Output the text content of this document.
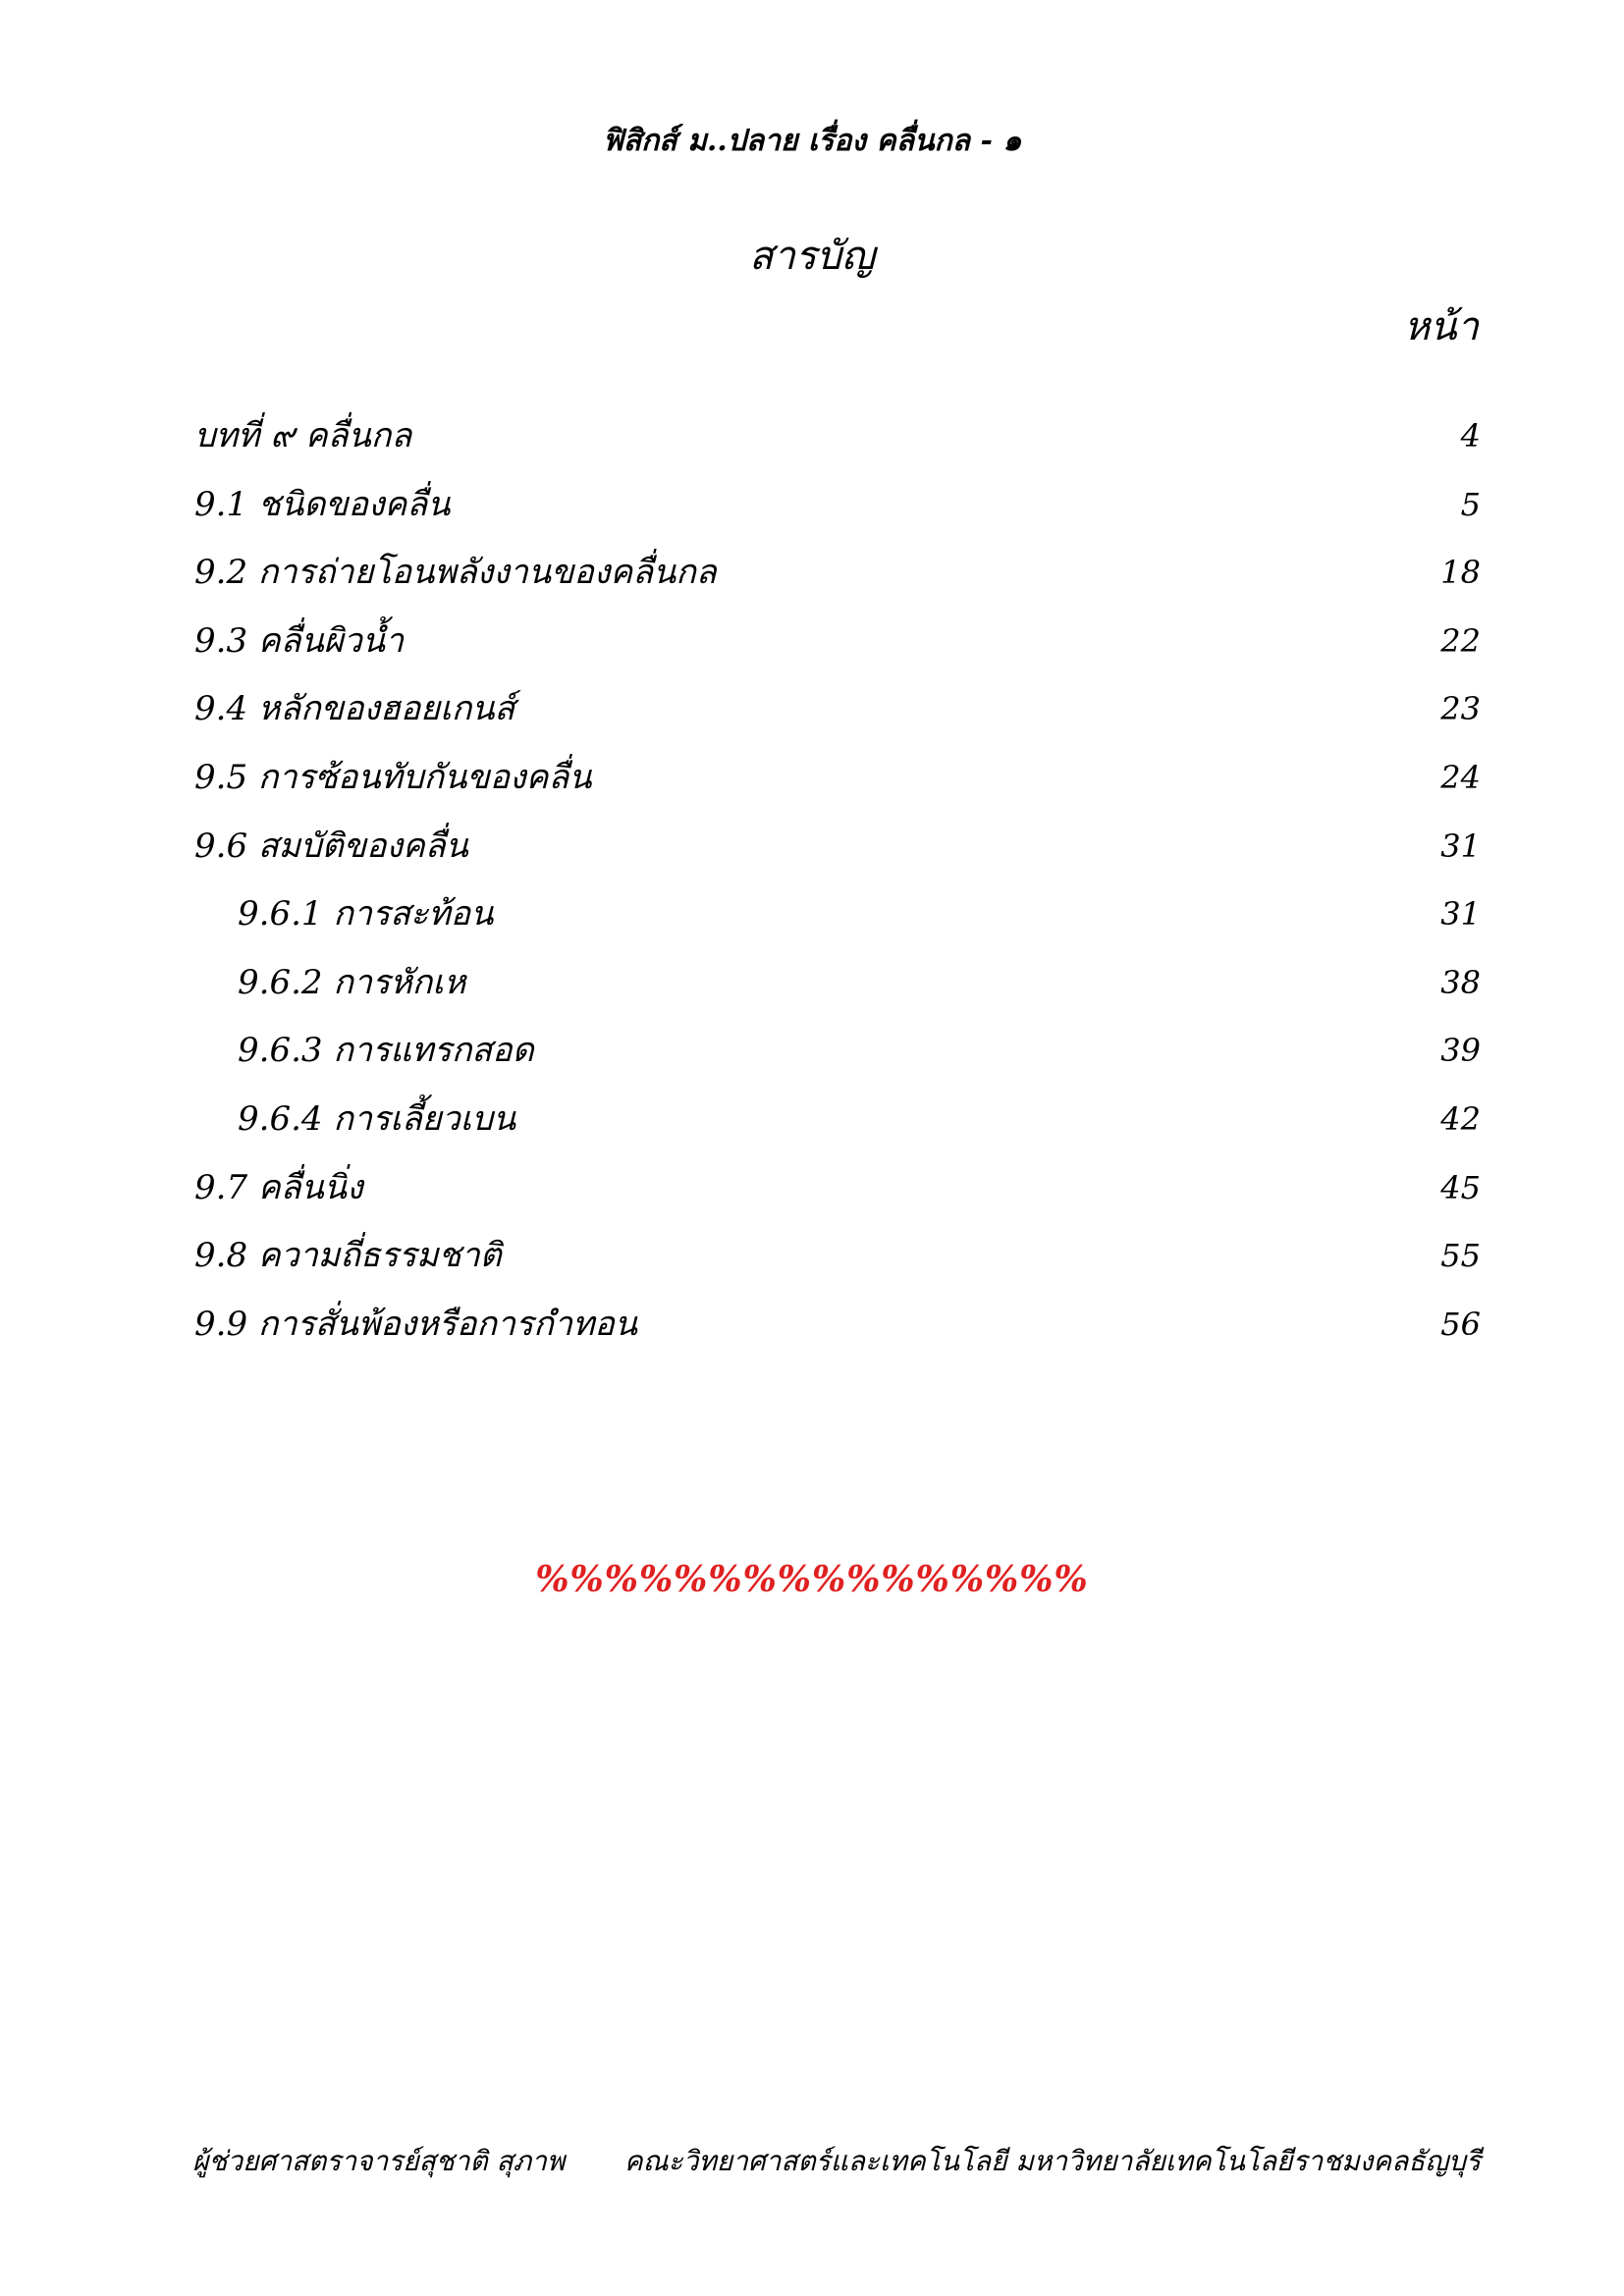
ฟิสิกส์ ม..ปลาย เรื่อง คลื่นกล - ๑
สารบัญ
หน้า
บทที่ ๙ คลื่นกล	4
9.1 ชนิดของคลื่น	5
9.2 การถ่ายโอนพลังงานของคลื่นกล	18
9.3 คลื่นผิวน้ำ	22
9.4 หลักของฮอยเกนส์	23
9.5 การซ้อนทับกันของคลื่น	24
9.6 สมบัติของคลื่น	31
9.6.1 การสะท้อน	31
9.6.2 การหักเห	38
9.6.3 การแทรกสอด	39
9.6.4 การเลี้ยวเบน	42
9.7 คลื่นนิ่ง	45
9.8 ความถี่ธรรมชาติ	55
9.9 การสั่นพ้องหรือการกำทอน	56
%%%%%%%%%%%%%%%%
ผู้ช่วยศาสตราจารย์สุชาติ สุภาพ คณะวิทยาศาสตร์และเทคโนโลยี มหาวิทยาลัยเทคโนโลยีราชมงคลธัญบุรี
